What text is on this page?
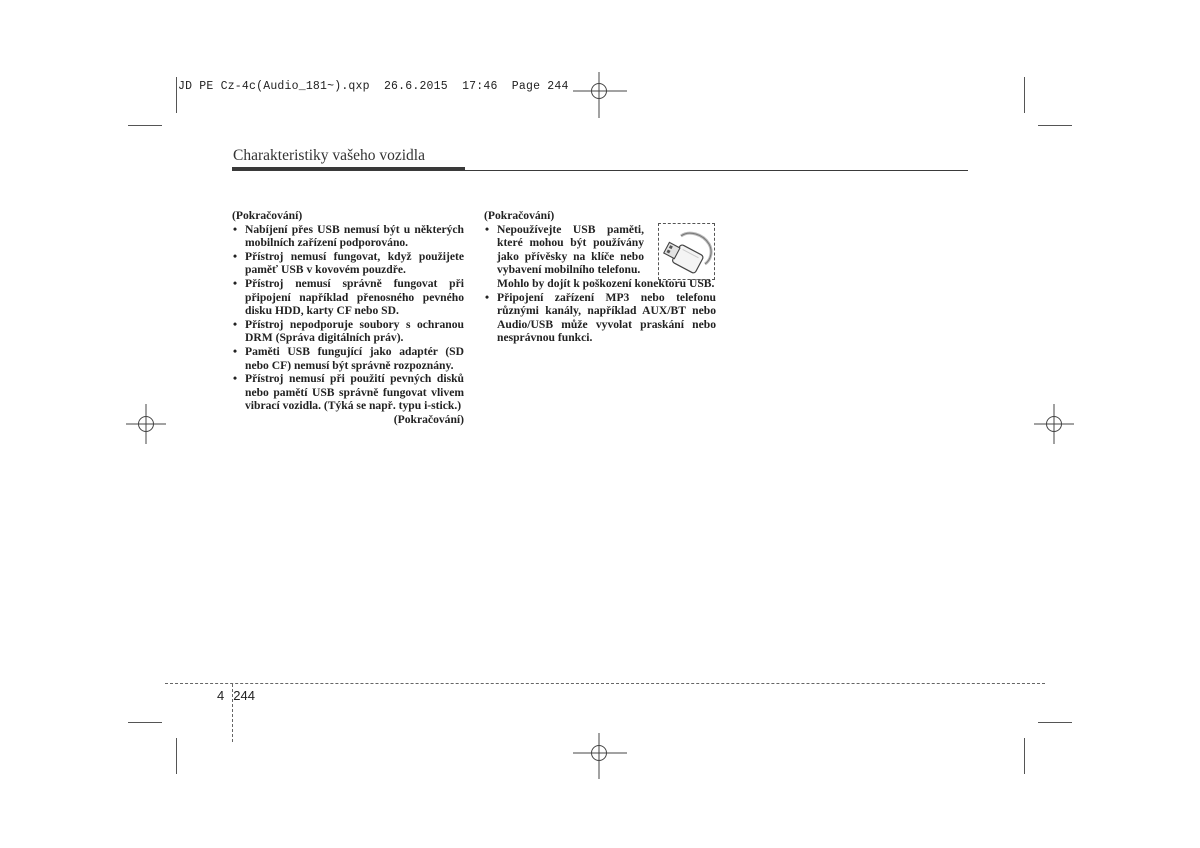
JD PE Cz-4c(Audio_181~).qxp 26.6.2015 17:46 Page 244
Charakteristiky vašeho vozidla

(Pokračování)

• Nabíjení přes USB nemusí být u některých mobilních zařízení podporováno.

• Přístroj nemusí fungovat, když použijete paměť USB v kovovém pouzdře.

• Přístroj nemusí správně fungovat při připojení například přenosného pevného disku HDD, karty CF nebo SD.

• Přístroj nepodporuje soubory s ochranou DRM (Správa digitálních práv).

• Paměti USB fungující jako adaptér (SD nebo CF) nemusí být správně rozpoznány.

• Přístroj nemusí při použití pevných disků nebo pamětí USB správně fungovat vlivem vibrací vozidla. (Týká se např. typu i-stick.)

(Pokračování)

(Pokračování)

• Nepoužívejte USB paměti, které mohou být používány jako přívěsky na klíče nebo vybavení mobilního telefonu.

Mohlo by dojít k poškození konektoru USB.

• Připojení zařízení MP3 nebo telefonu různými kanály, například AUX/BT nebo Audio/USB může vyvolat praskání nebo nesprávnou funkci.

4 244
